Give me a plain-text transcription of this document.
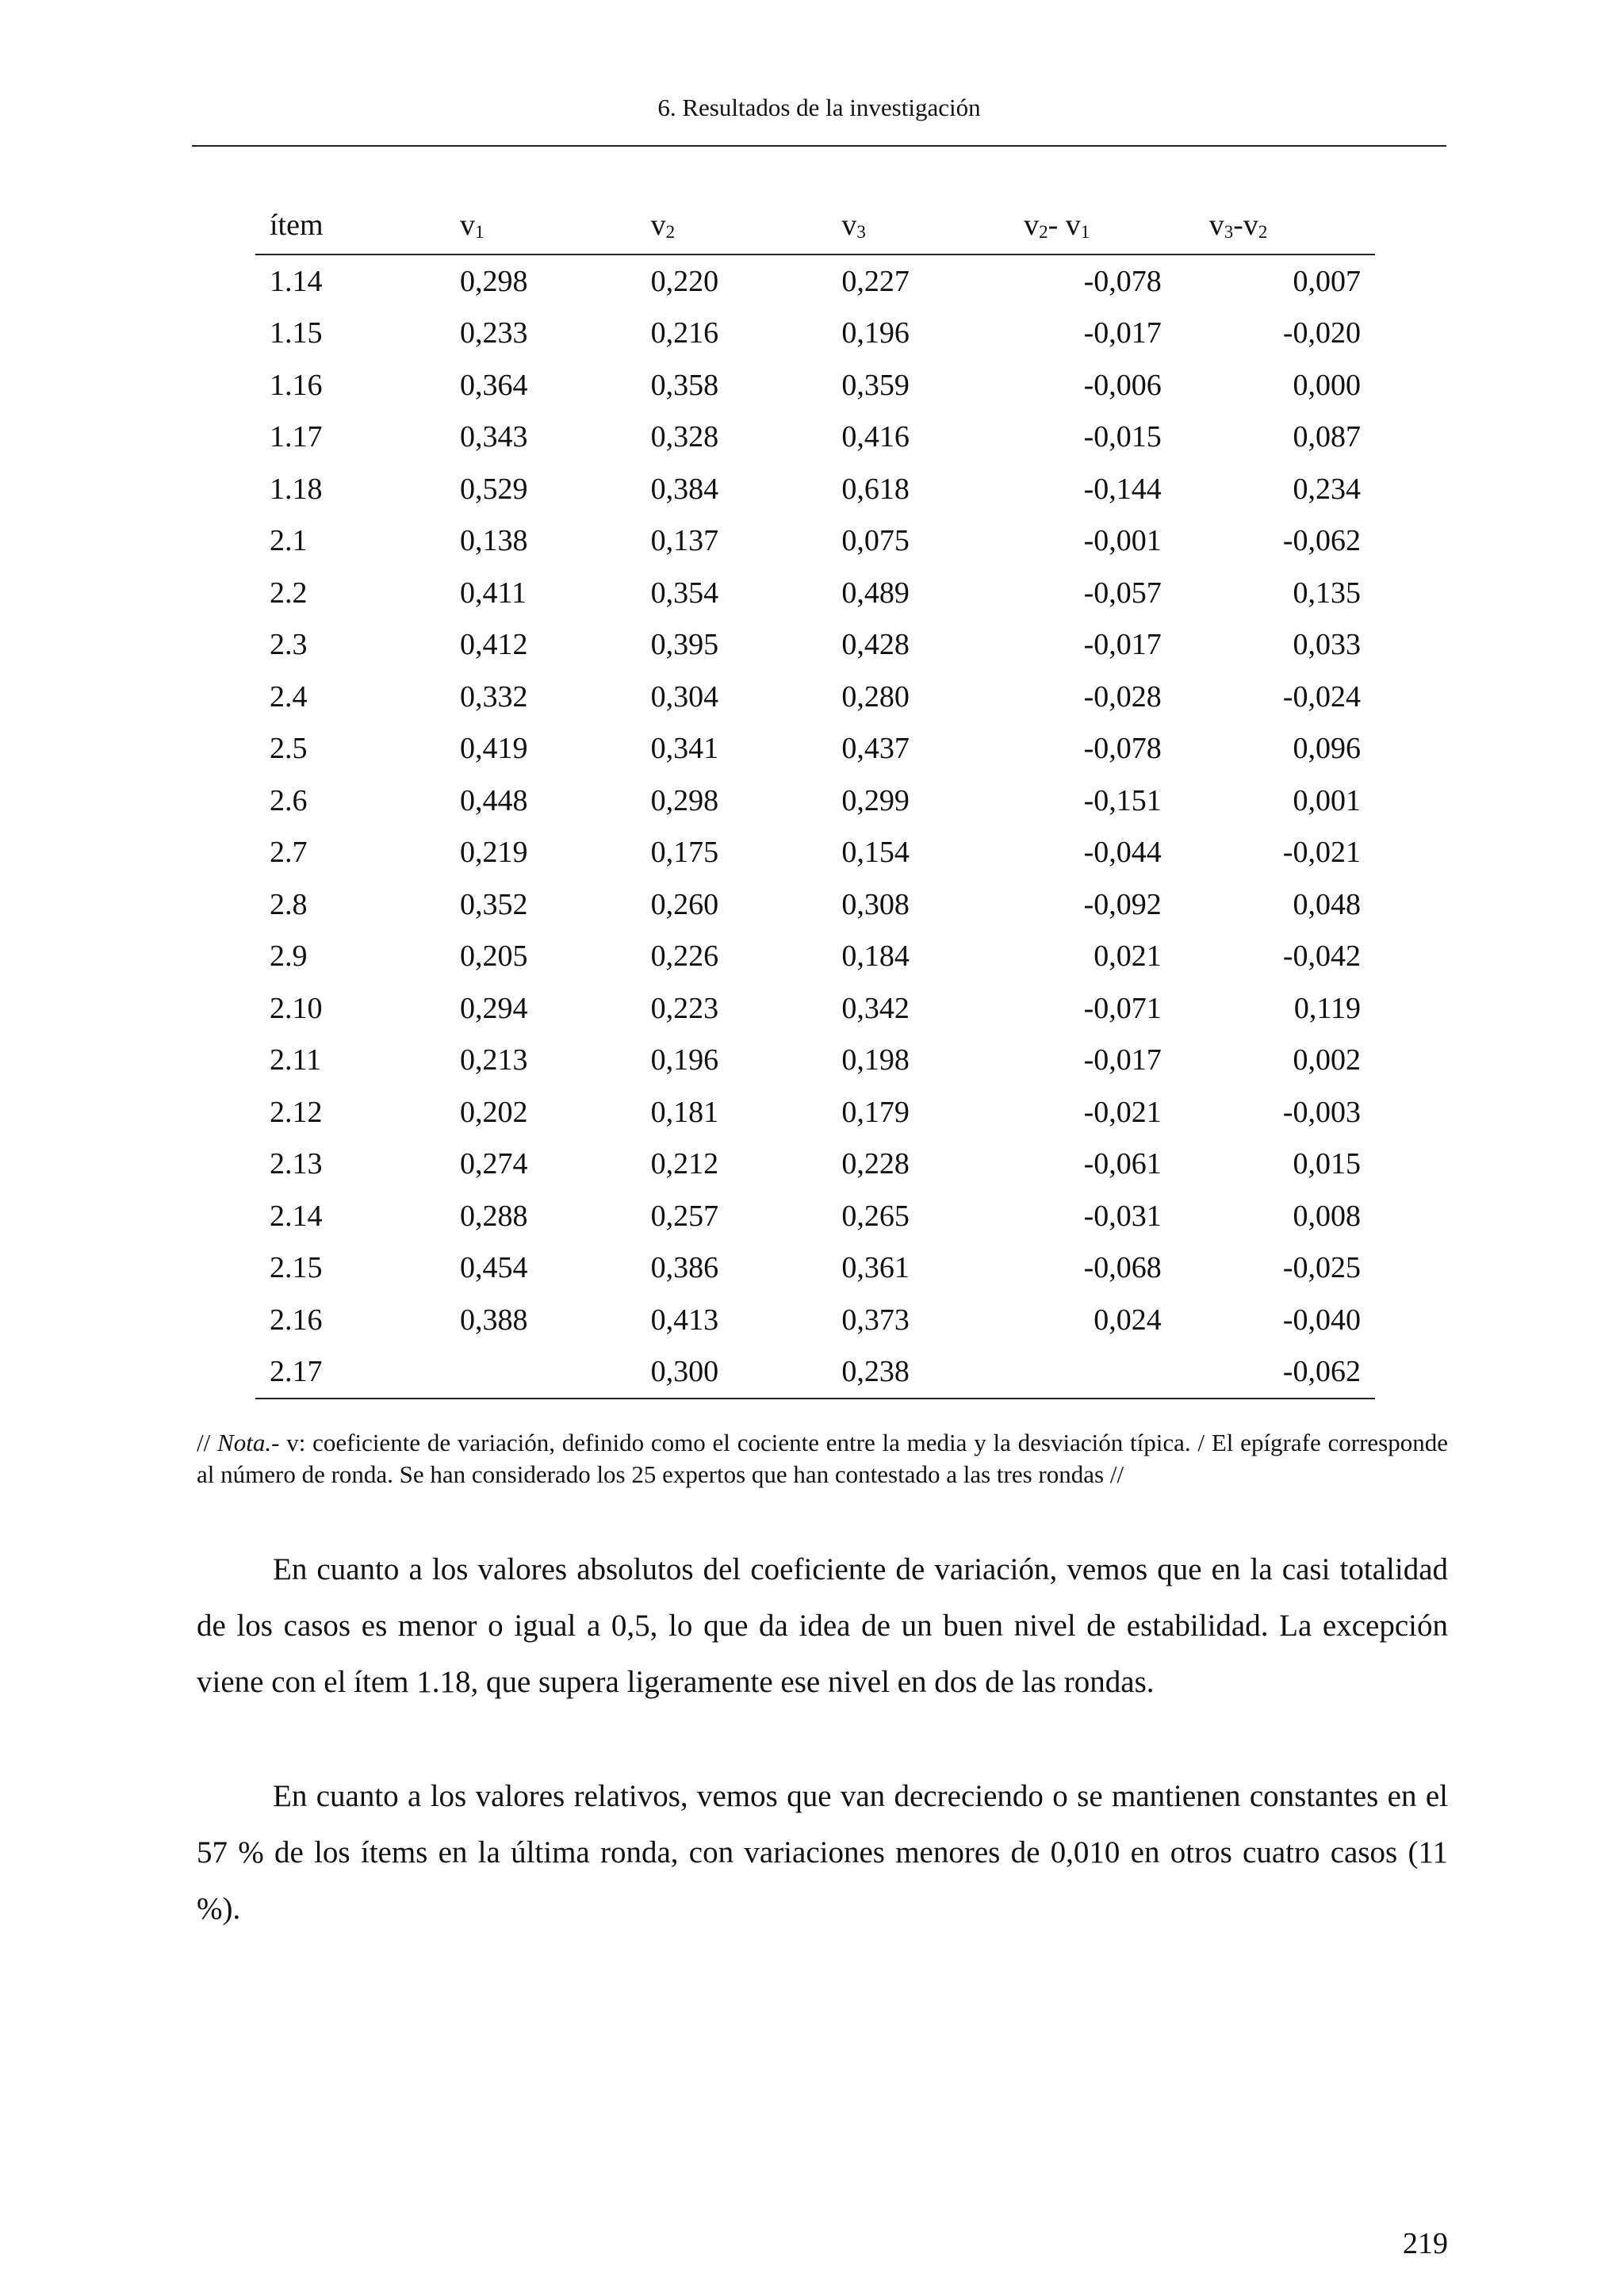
6. Resultados de la investigación
ítem	$v_1$	$v_2$	$v_3$	$v_2-$ $v_1$	$v_3-v_2$
1.14	0,298	0,220	0,227	-0,078	0,007
1.15	0,233	0,216	0,196	-0,017	-0,020
1.16	0,364	0,358	0,359	-0,006	0,000
1.17	0,343	0,328	0,416	-0,015	0,087
1.18	0,529	0,384	0,618	-0,144	0,234
2.1	0,138	0,137	0,075	-0,001	-0,062
2.2	0,411	0,354	0,489	-0,057	0,135
2.3	0,412	0,395	0,428	-0,017	0,033
2.4	0,332	0,304	0,280	-0,028	-0,024
2.5	0,419	0,341	0,437	-0,078	0,096
2.6	0,448	0,298	0,299	-0,151	0,001
2.7	0,219	0,175	0,154	-0,044	-0,021
2.8	0,352	0,260	0,308	-0,092	0,048
2.9	0,205	0,226	0,184	0,021	-0,042
2.10	0,294	0,223	0,342	-0,071	0,119
2.11	0,213	0,196	0,198	-0,017	0,002
2.12	0,202	0,181	0,179	-0,021	-0,003
2.13	0,274	0,212	0,228	-0,061	0,015
2.14	0,288	0,257	0,265	-0,031	0,008
2.15	0,454	0,386	0,361	-0,068	-0,025
2.16	0,388	0,413	0,373	0,024	-0,040
2.17		0,300	0,238		-0,062
// Nota.- v: coeficiente de variación, definido como el cociente entre la media y la desviación típica. / El epígrafe corresponde al número de ronda. Se han considerado los 25 expertos que han contestado a las tres rondas //

En cuanto a los valores absolutos del coeficiente de variación, vemos que en la casi totalidad de los casos es menor o igual a 0,5, lo que da idea de un buen nivel de estabilidad. La excepción viene con el ítem 1.18, que supera ligeramente ese nivel en dos de las rondas.

En cuanto a los valores relativos, vemos que van decreciendo o se mantienen constantes en el 57 % de los ítems en la última ronda, con variaciones menores de 0,010 en otros cuatro casos (11 %).

219
